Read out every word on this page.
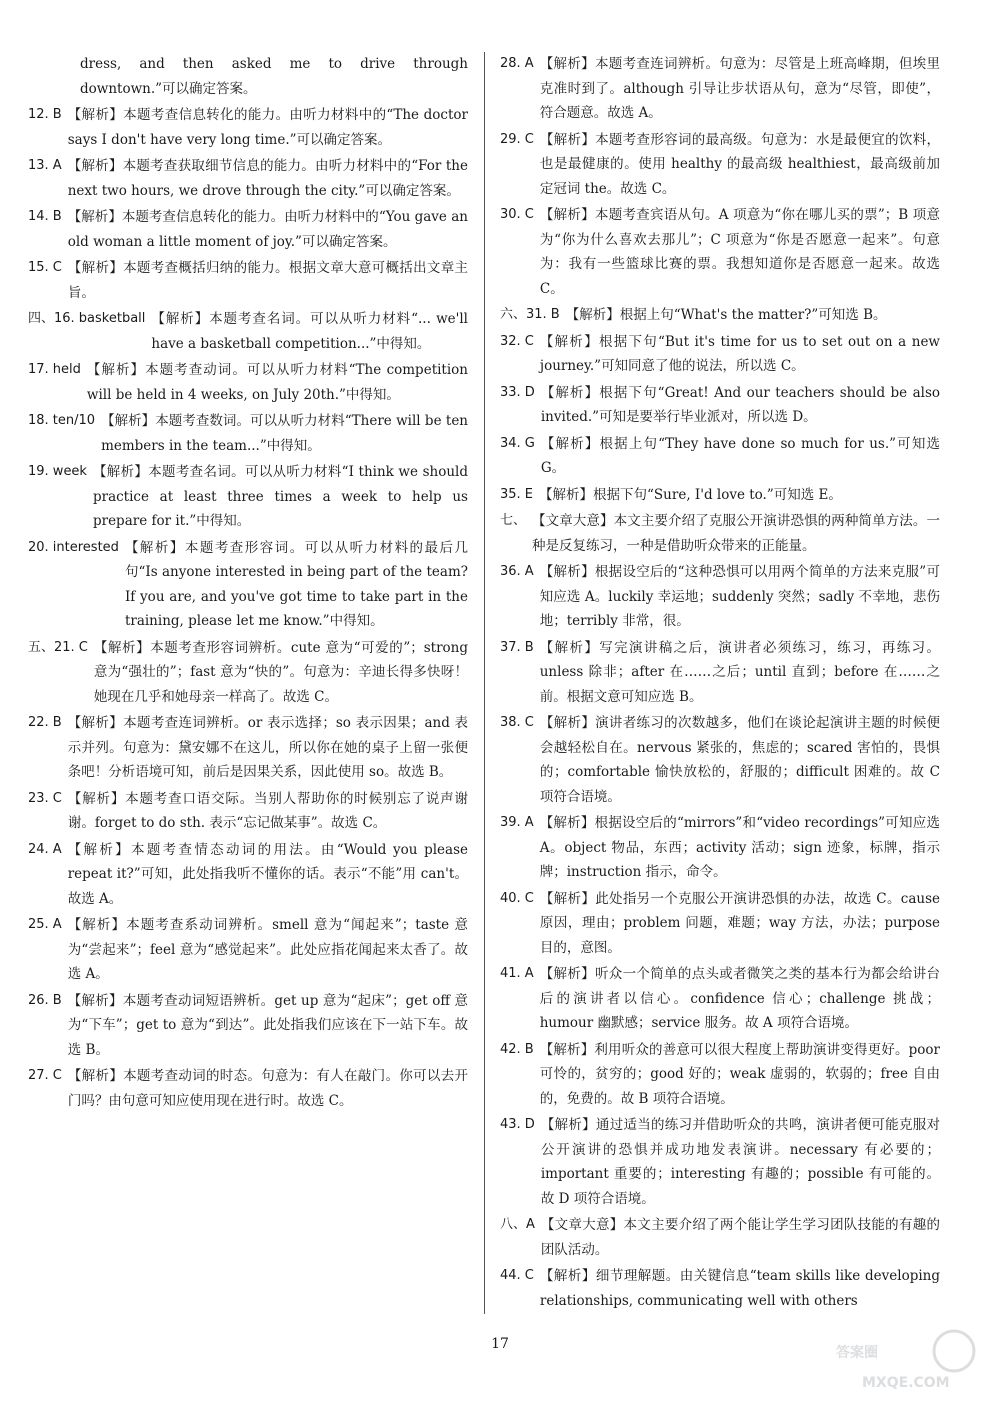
dress, and then asked me to drive through downtown.”可以确定答案。
12. B 【解析】本题考查信息转化的能力。由听力材料中的“The doctor says I don't have very long time.”可以确定答案。
13. A 【解析】本题考查获取细节信息的能力。由听力材料中的“For the next two hours, we drove through the city.”可以确定答案。
14. B 【解析】本题考查信息转化的能力。由听力材料中的“You gave an old woman a little moment of joy.”可以确定答案。
15. C 【解析】本题考查概括归纳的能力。根据文章大意可概括出文章主旨。
四、16. basketball 【解析】本题考查名词。可以从听力材料“... we'll have a basketball competition...”中得知。
17. held 【解析】本题考查动词。可以从听力材料“The competition will be held in 4 weeks, on July 20th.”中得知。
18. ten/10 【解析】本题考查数词。可以从听力材料“There will be ten members in the team...”中得知。
19. week 【解析】本题考查名词。可以从听力材料“I think we should practice at least three times a week to help us prepare for it.”中得知。
20. interested 【解析】本题考查形容词。可以从听力材料的最后几句“Is anyone interested in being part of the team? If you are, and you've got time to take part in the training, please let me know.”中得知。
五、21. C 【解析】本题考查形容词辨析。cute 意为“可爱的”；strong 意为“强壮的”；fast 意为“快的”。句意为：辛迪长得多快呀！她现在几乎和她母亲一样高了。故选 C。
22. B 【解析】本题考查连词辨析。or 表示选择；so 表示因果；and 表示并列。句意为：黛安娜不在这儿，所以你在她的桌子上留一张便条吧！分析语境可知，前后是因果关系，因此使用 so。故选 B。
23. C 【解析】本题考查口语交际。当别人帮助你的时候别忘了说声谢谢。forget to do sth. 表示“忘记做某事”。故选 C。
24. A 【解析】本题考查情态动词的用法。由“Would you please repeat it?”可知，此处指我听不懂你的话。表示“不能”用 can't。故选 A。
25. A 【解析】本题考查系动词辨析。smell 意为“闻起来”；taste 意为“尝起来”；feel 意为“感觉起来”。此处应指花闻起来太香了。故选 A。
26. B 【解析】本题考查动词短语辨析。get up 意为“起床”；get off 意为“下车”；get to 意为“到达”。此处指我们应该在下一站下车。故选 B。
27. C 【解析】本题考查动词的时态。句意为：有人在敲门。你可以去开门吗？由句意可知应使用现在进行时。故选 C。
28. A 【解析】本题考查连词辨析。句意为：尽管是上班高峰期，但埃里克准时到了。although 引导让步状语从句，意为“尽管，即使”，符合题意。故选 A。
29. C 【解析】本题考查形容词的最高级。句意为：水是最便宜的饮料，也是最健康的。使用 healthy 的最高级 healthiest，最高级前加定冠词 the。故选 C。
30. C 【解析】本题考查宾语从句。A 项意为“你在哪儿买的票”；B 项意为“你为什么喜欢去那儿”；C 项意为“你是否愿意一起来”。句意为：我有一些篮球比赛的票。我想知道你是否愿意一起来。故选 C。
六、31. B 【解析】根据上句“What's the matter?”可知选 B。
32. C 【解析】根据下句“But it's time for us to set out on a new journey.”可知同意了他的说法，所以选 C。
33. D 【解析】根据下句“Great! And our teachers should be also invited.”可知是要举行毕业派对，所以选 D。
34. G 【解析】根据上句“They have done so much for us.”可知选 G。
35. E 【解析】根据下句“Sure, I'd love to.”可知选 E。
七、 【文章大意】本文主要介绍了克服公开演讲恐惧的两种简单方法。一种是反复练习，一种是借助听众带来的正能量。
36. A 【解析】根据设空后的“这种恐惧可以用两个简单的方法来克服”可知应选 A。luckily 幸运地；suddenly 突然；sadly 不幸地，悲伤地；terribly 非常，很。
37. B 【解析】写完演讲稿之后，演讲者必须练习，练习，再练习。unless 除非；after 在……之后；until 直到；before 在……之前。根据文意可知应选 B。
38. C 【解析】演讲者练习的次数越多，他们在谈论起演讲主题的时候便会越轻松自在。nervous 紧张的，焦虑的；scared 害怕的，畏惧的；comfortable 愉快放松的，舒服的；difficult 困难的。故 C 项符合语境。
39. A 【解析】根据设空后的“mirrors”和“video recordings”可知应选 A。object 物品，东西；activity 活动；sign 迹象，标牌，指示牌；instruction 指示，命令。
40. C 【解析】此处指另一个克服公开演讲恐惧的办法，故选 C。cause 原因，理由；problem 问题，难题；way 方法，办法；purpose 目的，意图。
41. A 【解析】听众一个简单的点头或者微笑之类的基本行为都会给讲台后的演讲者以信心。confidence 信心；challenge 挑战；humour 幽默感；service 服务。故 A 项符合语境。
42. B 【解析】利用听众的善意可以很大程度上帮助演讲变得更好。poor 可怜的，贫穷的；good 好的；weak 虚弱的，软弱的；free 自由的，免费的。故 B 项符合语境。
43. D 【解析】通过适当的练习并借助听众的共鸣，演讲者便可能克服对公开演讲的恐惧并成功地发表演讲。necessary 有必要的；important 重要的；interesting 有趣的；possible 有可能的。故 D 项符合语境。
八、A 【文章大意】本文主要介绍了两个能让学生学习团队技能的有趣的团队活动。
44. C 【解析】细节理解题。由关键信息“team skills like developing relationships, communicating well with others
17
答案圈
MXQE.COM
